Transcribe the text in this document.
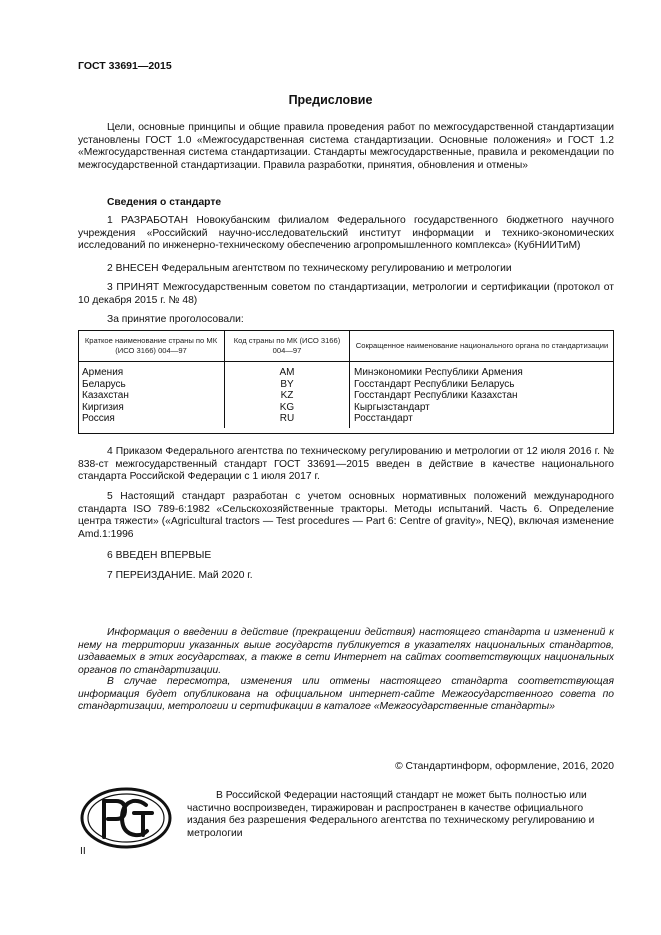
ГОСТ 33691—2015
Предисловие
Цели, основные принципы и общие правила проведения работ по межгосударственной стандартизации установлены ГОСТ 1.0 «Межгосударственная система стандартизации. Основные положения» и ГОСТ 1.2 «Межгосударственная система стандартизации. Стандарты межгосударственные, правила и рекомендации по межгосударственной стандартизации. Правила разработки, принятия, обновления и отмены»
Сведения о стандарте
1 РАЗРАБОТАН Новокубанским филиалом Федерального государственного бюджетного научного учреждения «Российский научно-исследовательский институт информации и технико-экономических исследований по инженерно-техническому обеспечению агропромышленного комплекса» (КубНИИТиМ)
2 ВНЕСЕН Федеральным агентством по техническому регулированию и метрологии
3 ПРИНЯТ Межгосударственным советом по стандартизации, метрологии и сертификации (протокол от 10 декабря 2015 г. № 48)
За принятие проголосовали:
Краткое наименование страны по МК (ИСО 3166) 004—97	Код страны по МК (ИСО 3166) 004—97	Сокращенное наименование национального органа по стандартизации
Армения	AM	Минэкономики Республики Армения
Беларусь	BY	Госстандарт Республики Беларусь
Казахстан	KZ	Госстандарт Республики Казахстан
Киргизия	KG	Кыргызстандарт
Россия	RU	Росстандарт
4 Приказом Федерального агентства по техническому регулированию и метрологии от 12 июля 2016 г. № 838-ст межгосударственный стандарт ГОСТ 33691—2015 введен в действие в качестве национального стандарта Российской Федерации с 1 июля 2017 г.
5 Настоящий стандарт разработан с учетом основных нормативных положений международного стандарта ISO 789-6:1982 «Сельскохозяйственные тракторы. Методы испытаний. Часть 6. Определение центра тяжести» («Agricultural tractors — Test procedures — Part 6: Centre of gravity», NEQ), включая изменение Amd.1:1996
6 ВВЕДЕН ВПЕРВЫЕ
7 ПЕРЕИЗДАНИЕ. Май 2020 г.
Информация о введении в действие (прекращении действия) настоящего стандарта и изменений к нему на территории указанных выше государств публикуется в указателях национальных стандартов, издаваемых в этих государствах, а также в сети Интернет на сайтах соответствующих национальных органов по стандартизации.
В случае пересмотра, изменения или отмены настоящего стандарта соответствующая информация будет опубликована на официальном интернет-сайте Межгосударственного совета по стандартизации, метрологии и сертификации в каталоге «Межгосударственные стандарты»
© Стандартинформ, оформление, 2016, 2020
В Российской Федерации настоящий стандарт не может быть полностью или частично воспроизведен, тиражирован и распространен в качестве официального издания без разрешения Федерального агентства по техническому регулированию и метрологии
II
